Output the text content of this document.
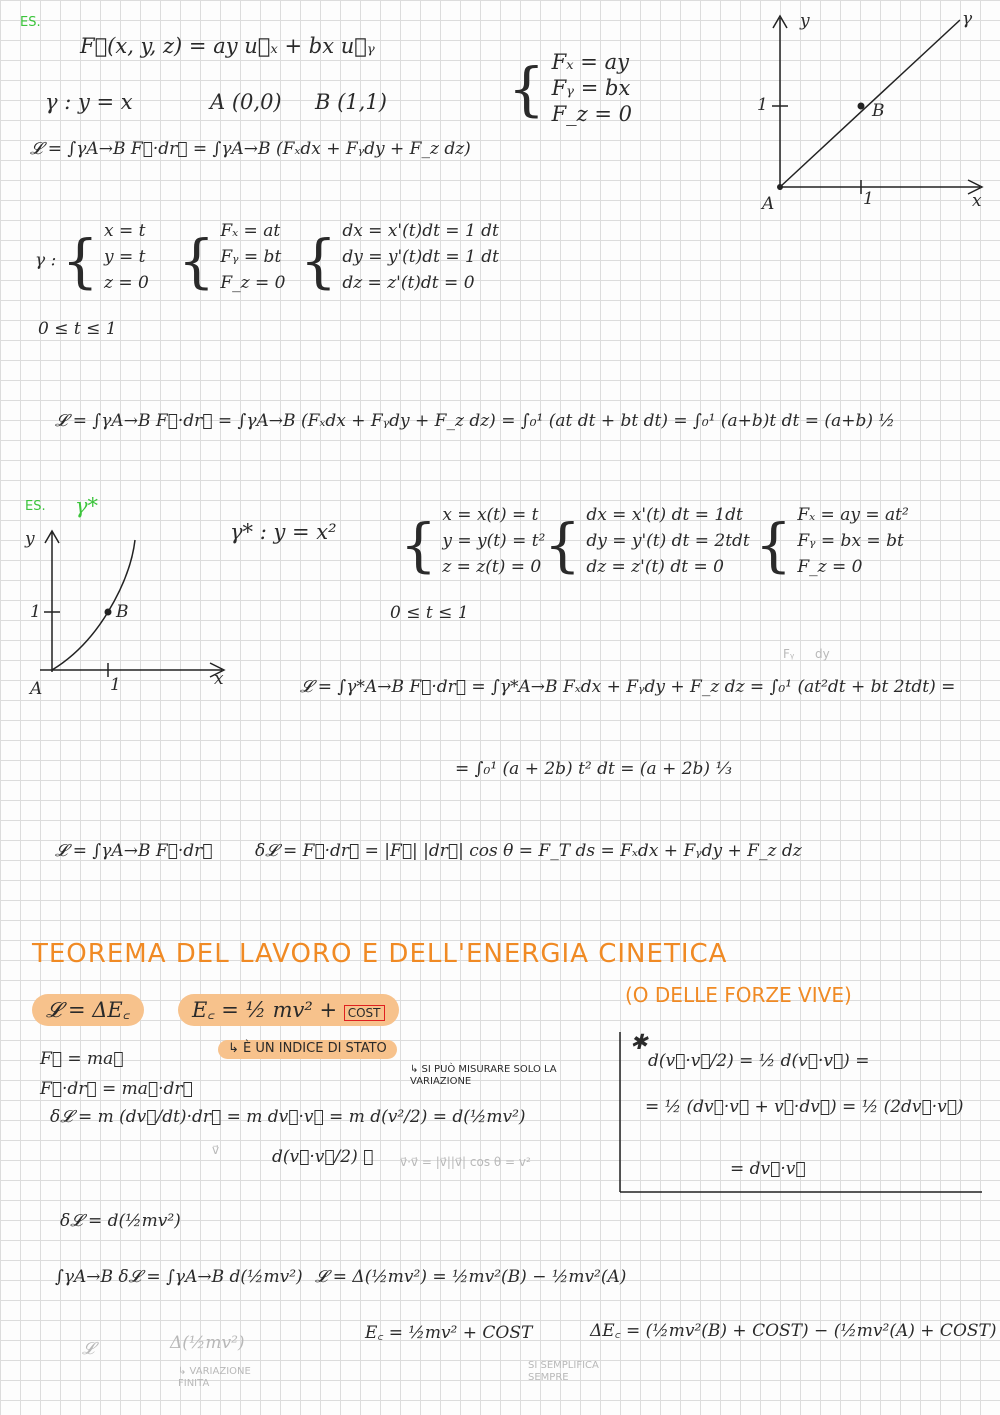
ES.
F⃗(x, y, z) = ay u⃗ₓ + bx u⃗ᵧ
γ : y = x	A (0,0) B (1,1) { Fₓ = ay
Fᵧ = bx
F_z = 0
𝓛 = ∫γA→B F⃗·dr⃗ = ∫γA→B (Fₓdx + Fᵧdy + F_z dz)
γ : { x = t
y = t
z = 0 { Fₓ = at
Fᵧ = bt
F_z = 0 { dx = x'(t)dt = 1 dt
dy = y'(t)dt = 1 dt
dz = z'(t)dt = 0
0 ≤ t ≤ 1
𝓛 = ∫γA→B F⃗·dr⃗ = ∫γA→B (Fₓdx + Fᵧdy + F_z dz) = ∫₀¹ (at dt + bt dt) = ∫₀¹ (a+b)t dt = (a+b) ½
y	γ
1	B
A	1	x
ES. γ*
y
1	B
A	1	x
γ* : y = x² { x = x(t) = t
y = y(t) = t²
z = z(t) = 0 { dx = x'(t) dt = 1dt
dy = y'(t) dt = 2tdt
dz = z'(t) dt = 0 { Fₓ = ay = at²
Fᵧ = bx = bt
F_z = 0
0 ≤ t ≤ 1
Fᵧ dy
𝓛 = ∫γ*A→B F⃗·dr⃗ = ∫γ*A→B Fₓdx + Fᵧdy + F_z dz = ∫₀¹ (at²dt + bt 2tdt) =
= ∫₀¹ (a + 2b) t² dt = (a + 2b) ⅓
𝓛 = ∫γA→B F⃗·dr⃗	δ𝓛 = F⃗·dr⃗ = |F⃗| |dr⃗| cos θ = F_T ds = Fₓdx + Fᵧdy + F_z dz
TEOREMA DEL LAVORO E DELL'ENERGIA CINETICA
(O DELLE FORZE VIVE)
𝓛 = ΔE꜀	E꜀ = ½ mv² + COST
↳ È UN INDICE DI STATO
↳ SI PUÒ MISURARE SOLO LA VARIAZIONE
F⃗ = ma⃗
F⃗·dr⃗ = ma⃗·dr⃗
δ𝓛 = m (dv⃗/dt)·dr⃗ = m dv⃗·v⃗ = m d(v²/2) = d(½mv²)
v⃗	d(v⃗·v⃗/2) ✱ v⃗·v⃗ = |v⃗||v⃗| cos θ = v²
✱
d(v⃗·v⃗/2) = ½ d(v⃗·v⃗) =
= ½ (dv⃗·v⃗ + v⃗·dv⃗) = ½ (2dv⃗·v⃗)
= dv⃗·v⃗
δ𝓛 = d(½mv²)
∫γA→B δ𝓛 = ∫γA→B d(½mv²) 𝓛 = Δ(½mv²) = ½mv²(B) − ½mv²(A)
𝓛	Δ(½mv²)
↳ VARIAZIONE FINITA
E꜀ = ½mv² + COST
SI SEMPLIFICA SEMPRE
ΔE꜀ = (½mv²(B) + COST) − (½mv²(A) + COST)
